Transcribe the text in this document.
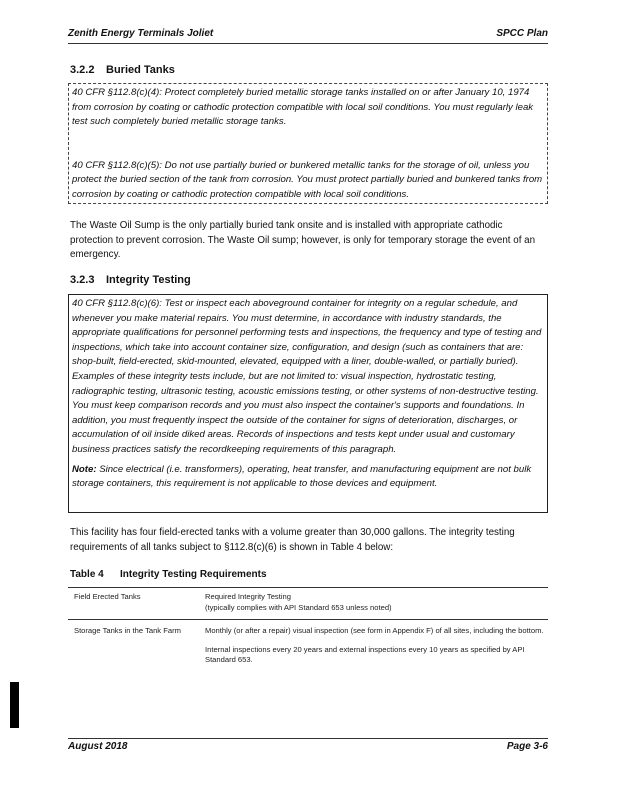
Zenith Energy Terminals Joliet	SPCC Plan
3.2.2 Buried Tanks

40 CFR §112.8(c)(4): Protect completely buried metallic storage tanks installed on or after January 10, 1974 from corrosion by coating or cathodic protection compatible with local soil conditions. You must regularly leak test such completely buried metallic storage tanks.

40 CFR §112.8(c)(5): Do not use partially buried or bunkered metallic tanks for the storage of oil, unless you protect the buried section of the tank from corrosion. You must protect partially buried and bunkered tanks from corrosion by coating or cathodic protection compatible with local soil conditions.

The Waste Oil Sump is the only partially buried tank onsite and is installed with appropriate cathodic protection to prevent corrosion. The Waste Oil sump; however, is only for temporary storage the event of an emergency.

3.2.3 Integrity Testing

40 CFR §112.8(c)(6): Test or inspect each aboveground container for integrity on a regular schedule, and whenever you make material repairs. You must determine, in accordance with industry standards, the appropriate qualifications for personnel performing tests and inspections, the frequency and type of testing and inspections, which take into account container size, configuration, and design (such as containers that are: shop-built, field-erected, skid-mounted, elevated, equipped with a liner, double-walled, or partially buried). Examples of these integrity tests include, but are not limited to: visual inspection, hydrostatic testing, radiographic testing, ultrasonic testing, acoustic emissions testing, or other systems of non-destructive testing. You must keep comparison records and you must also inspect the container's supports and foundations. In addition, you must frequently inspect the outside of the container for signs of deterioration, discharges, or accumulation of oil inside diked areas. Records of inspections and tests kept under usual and customary business practices satisfy the recordkeeping requirements of this paragraph.

Note: Since electrical (i.e. transformers), operating, heat transfer, and manufacturing equipment are not bulk storage containers, this requirement is not applicable to those devices and equipment.

This facility has four field-erected tanks with a volume greater than 30,000 gallons. The integrity testing requirements of all tanks subject to §112.8(c)(6) is shown in Table 4 below:

Table 4 Integrity Testing Requirements
Field Erected Tanks	Required Integrity Testing
(typically complies with API Standard 653 unless noted)
Storage Tanks in the Tank Farm	Monthly (or after a repair) visual inspection (see form in Appendix F) of all sites, including the bottom.

Internal inspections every 20 years and external inspections every 10 years as specified by API Standard 653.

August 2018	Page 3-6
